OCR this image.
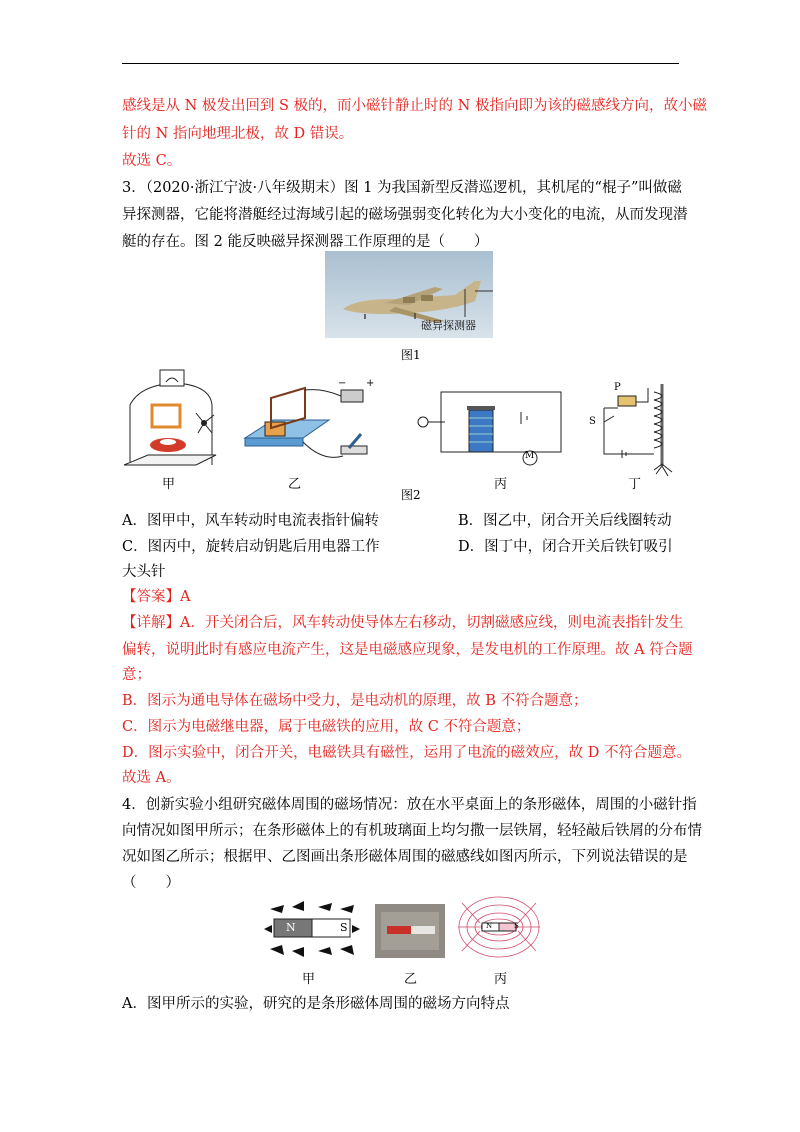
感线是从 N 极发出回到 S 极的，而小磁针静止时的 N 极指向即为该的磁感线方向，故小磁
针的 N 指向地理北极，故 D 错误。
故选 C。
3．（2020·浙江宁波·八年级期末）图 1 为我国新型反潜巡逻机，其机尾的“棍子”叫做磁
异探测器，它能将潜艇经过海域引起的磁场强弱变化转化为大小变化的电流，从而发现潜
艇的存在。图 2 能反映磁异探测器工作原理的是（　　）
磁异探测器
图1
− +
M
S
P
甲	乙	丙	丁
图2
A．图甲中，风车转动时电流表指针偏转	B．图乙中，闭合开关后线圈转动
C．图丙中，旋转启动钥匙后用电器工作	D．图丁中，闭合开关后铁钉吸引
大头针
【答案】A
【详解】A．开关闭合后，风车转动使导体左右移动，切割磁感应线，则电流表指针发生
偏转，说明此时有感应电流产生，这是电磁感应现象，是发电机的工作原理。故 A 符合题
意；
B．图示为通电导体在磁场中受力，是电动机的原理，故 B 不符合题意；
C．图示为电磁继电器，属于电磁铁的应用，故 C 不符合题意；
D．图示实验中，闭合开关，电磁铁具有磁性，运用了电流的磁效应，故 D 不符合题意。
故选 A。
4．创新实验小组研究磁体周围的磁场情况：放在水平桌面上的条形磁体，周围的小磁针指
向情况如图甲所示；在条形磁体上的有机玻璃面上均匀撒一层铁屑，轻轻敲后铁屑的分布情
况如图乙所示；根据甲、乙图画出条形磁体周围的磁感线如图丙所示，下列说法错误的是
（　　）
N	S	N	S
甲	乙	丙
A．图甲所示的实验，研究的是条形磁体周围的磁场方向特点
